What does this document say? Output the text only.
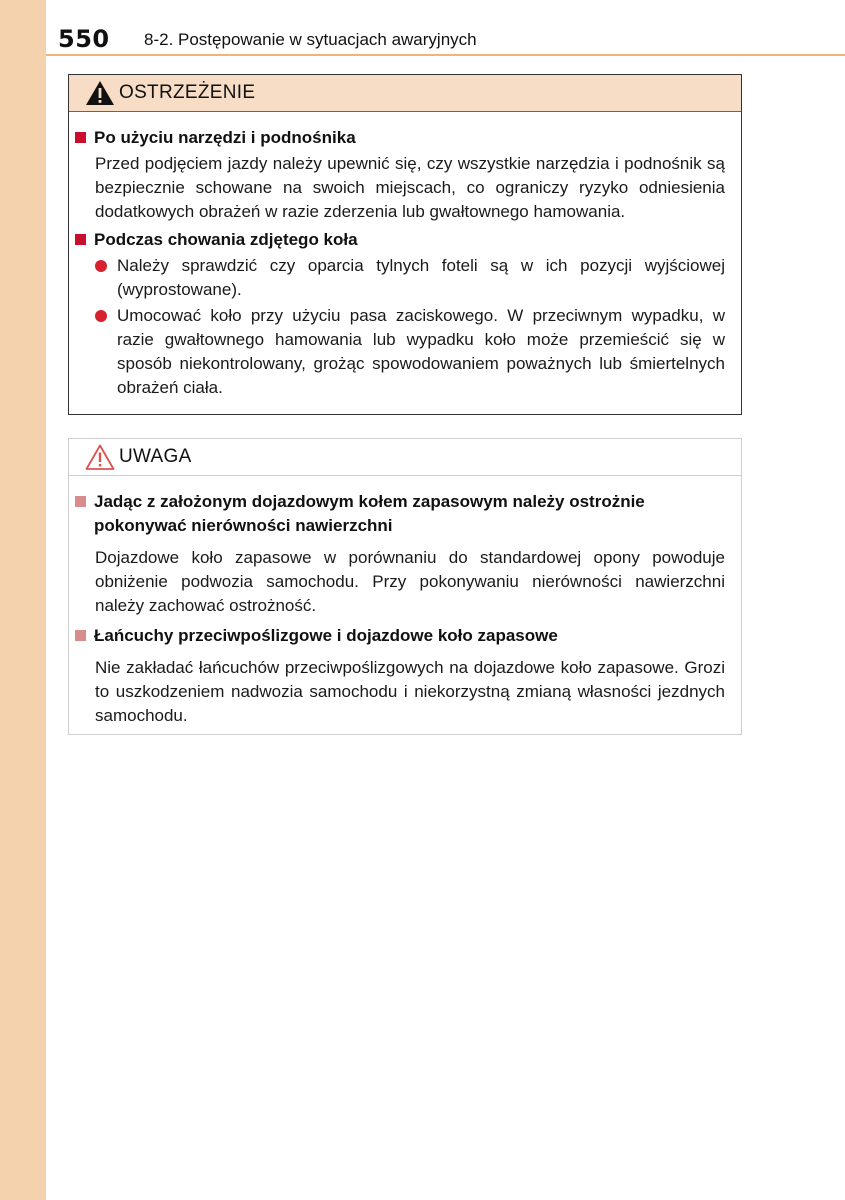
550 8-2. Postępowanie w sytuacjach awaryjnych
OSTRZEŻENIE
Po użyciu narzędzi i podnośnika
Przed podjęciem jazdy należy upewnić się, czy wszystkie narzędzia i podnośnik są bezpiecznie schowane na swoich miejscach, co ograniczy ryzyko odniesienia dodatkowych obrażeń w razie zderzenia lub gwałtownego hamowania.
Podczas chowania zdjętego koła
Należy sprawdzić czy oparcia tylnych foteli są w ich pozycji wyjściowej (wyprostowane).
Umocować koło przy użyciu pasa zaciskowego. W przeciwnym wypadku, w razie gwałtownego hamowania lub wypadku koło może przemieścić się w sposób niekontrolowany, grożąc spowodowaniem poważnych lub śmiertelnych obrażeń ciała.
UWAGA
Jadąc z założonym dojazdowym kołem zapasowym należy ostrożnie pokonywać nierówności nawierzchni
Dojazdowe koło zapasowe w porównaniu do standardowej opony powoduje obniżenie podwozia samochodu. Przy pokonywaniu nierówności nawierzchni należy zachować ostrożność.
Łańcuchy przeciwpoślizgowe i dojazdowe koło zapasowe
Nie zakładać łańcuchów przeciwpoślizgowych na dojazdowe koło zapasowe. Grozi to uszkodzeniem nadwozia samochodu i niekorzystną zmianą własności jezdnych samochodu.
